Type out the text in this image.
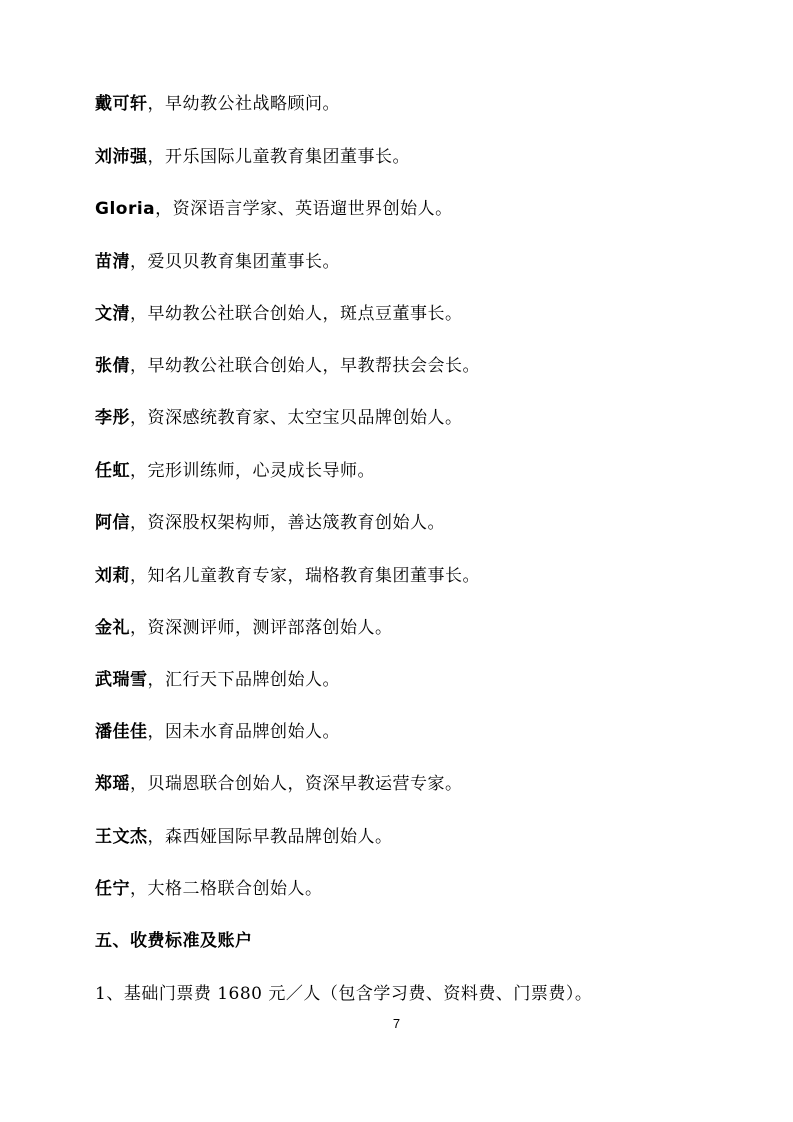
戴可轩，早幼教公社战略顾问。
刘沛强，开乐国际儿童教育集团董事长。
Gloria，资深语言学家、英语遛世界创始人。
苗清，爱贝贝教育集团董事长。
文清，早幼教公社联合创始人，斑点豆董事长。
张倩，早幼教公社联合创始人，早教帮扶会会长。
李彤，资深感统教育家、太空宝贝品牌创始人。
任虹，完形训练师，心灵成长导师。
阿信，资深股权架构师，善达筬教育创始人。
刘莉，知名儿童教育专家，瑞格教育集团董事长。
金礼，资深测评师，测评部落创始人。
武瑞雪，汇行天下品牌创始人。
潘佳佳，因未水育品牌创始人。
郑瑶，贝瑞恩联合创始人，资深早教运营专家。
王文杰，森西娅国际早教品牌创始人。
任宁，大格二格联合创始人。
五、收费标准及账户
1、基础门票费 1680 元／人（包含学习费、资料费、门票费）。
7
